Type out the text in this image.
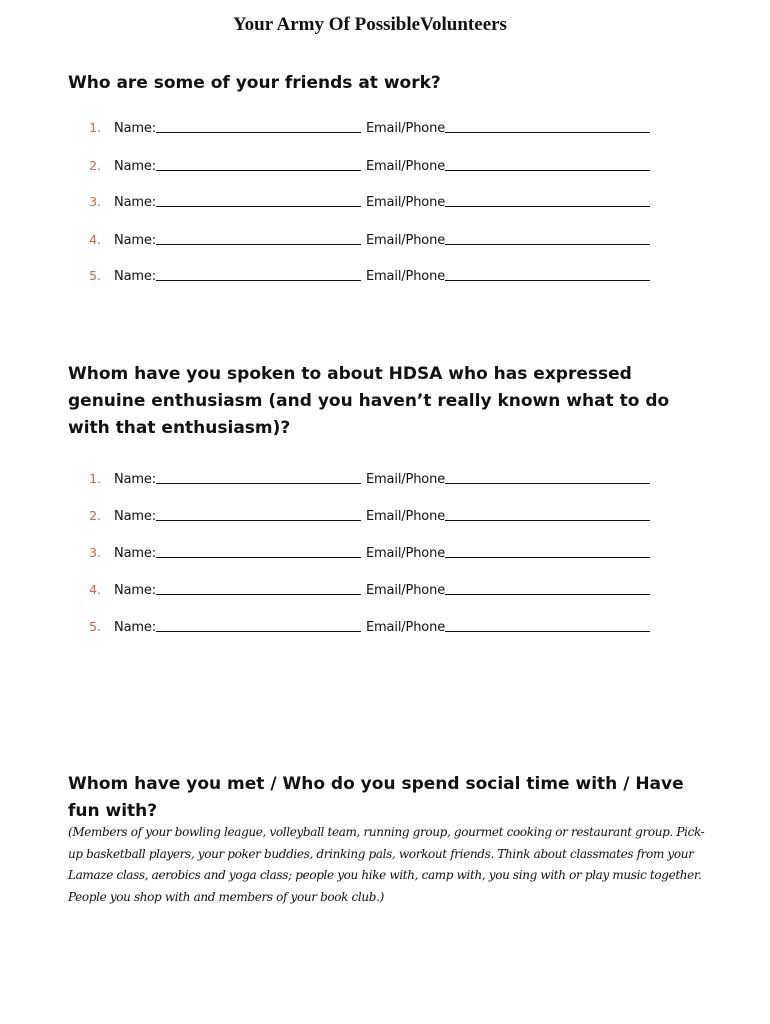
Your Army Of PossibleVolunteers
Who are some of your friends at work?
1. Name:	Email/Phone
2. Name:	Email/Phone
3. Name:	Email/Phone
4. Name:	Email/Phone
5. Name:	Email/Phone
Whom have you spoken to about HDSA who has expressed genuine enthusiasm (and you haven’t really known what to do with that enthusiasm)?
1. Name:	Email/Phone
2. Name:	Email/Phone
3. Name:	Email/Phone
4. Name:	Email/Phone
5. Name:	Email/Phone
Whom have you met / Who do you spend social time with / Have fun with?

(Members of your bowling league, volleyball team, running group, gourmet cooking or restaurant group. Pick-up basketball players, your poker buddies, drinking pals, workout friends. Think about classmates from your Lamaze class, aerobics and yoga class; people you hike with, camp with, you sing with or play music together. People you shop with and members of your book club.)
